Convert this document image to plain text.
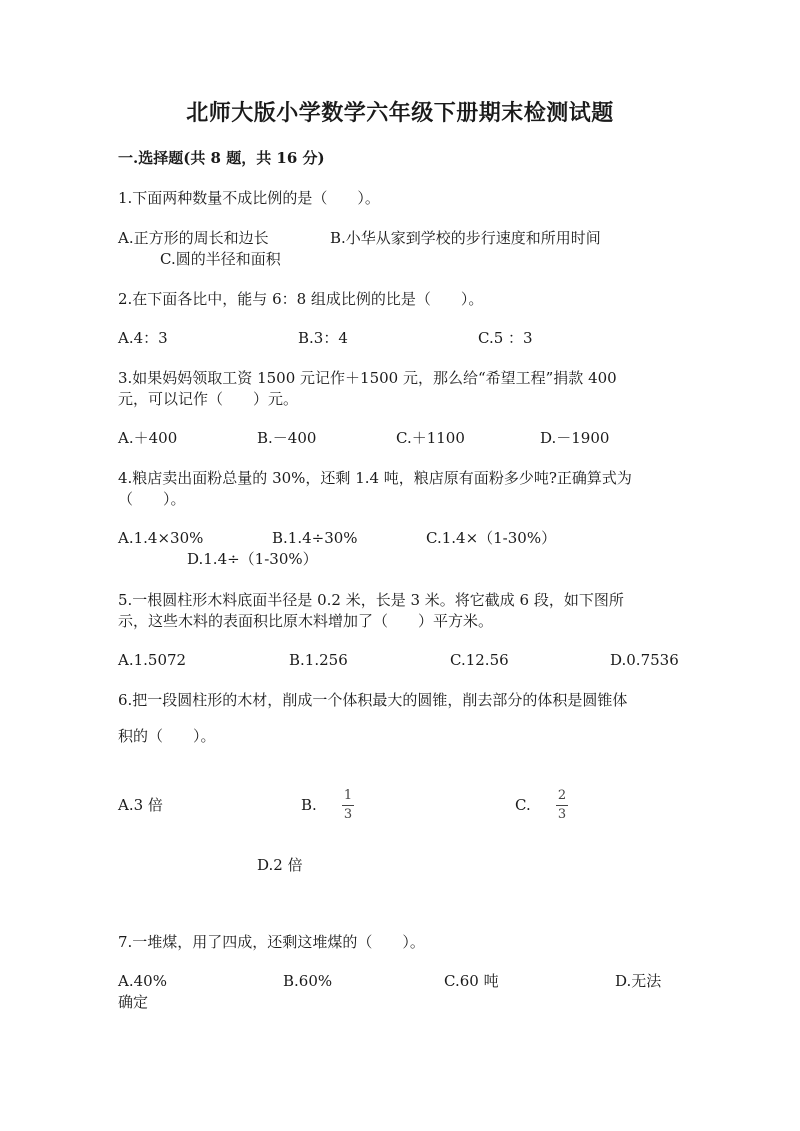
北师大版小学数学六年级下册期末检测试题
一.选择题(共 8 题，共 16 分)
1.下面两种数量不成比例的是（　　）。
A.正方形的周长和边长	B.小华从家到学校的步行速度和所用时间
C.圆的半径和面积
2.在下面各比中，能与 6：8 组成比例的比是（　　）。
A.4：3	B.3：4	C.5 ：3
3.如果妈妈领取工资 1500 元记作＋1500 元，那么给“希望工程”捐款 400
元，可以记作（　　）元。
A.＋400	B.－400	C.＋1100	D.－1900
4.粮店卖出面粉总量的 30%，还剩 1.4 吨，粮店原有面粉多少吨?正确算式为
（　　）。
A.1.4×30%	B.1.4÷30%	C.1.4×（1-30%）
D.1.4÷（1-30%）
5.一根圆柱形木料底面半径是 0.2 米，长是 3 米。将它截成 6 段，如下图所
示，这些木料的表面积比原木料增加了（　　）平方米。
A.1.5072	B.1.256	C.12.56	D.0.7536
6.把一段圆柱形的木材，削成一个体积最大的圆锥，削去部分的体积是圆锥体
积的（　　）。
A.3 倍	B.
1
3
C.
2
3
D.2 倍
7.一堆煤，用了四成，还剩这堆煤的（　　）。
A.40%	B.60%	C.60 吨	D.无法
确定
